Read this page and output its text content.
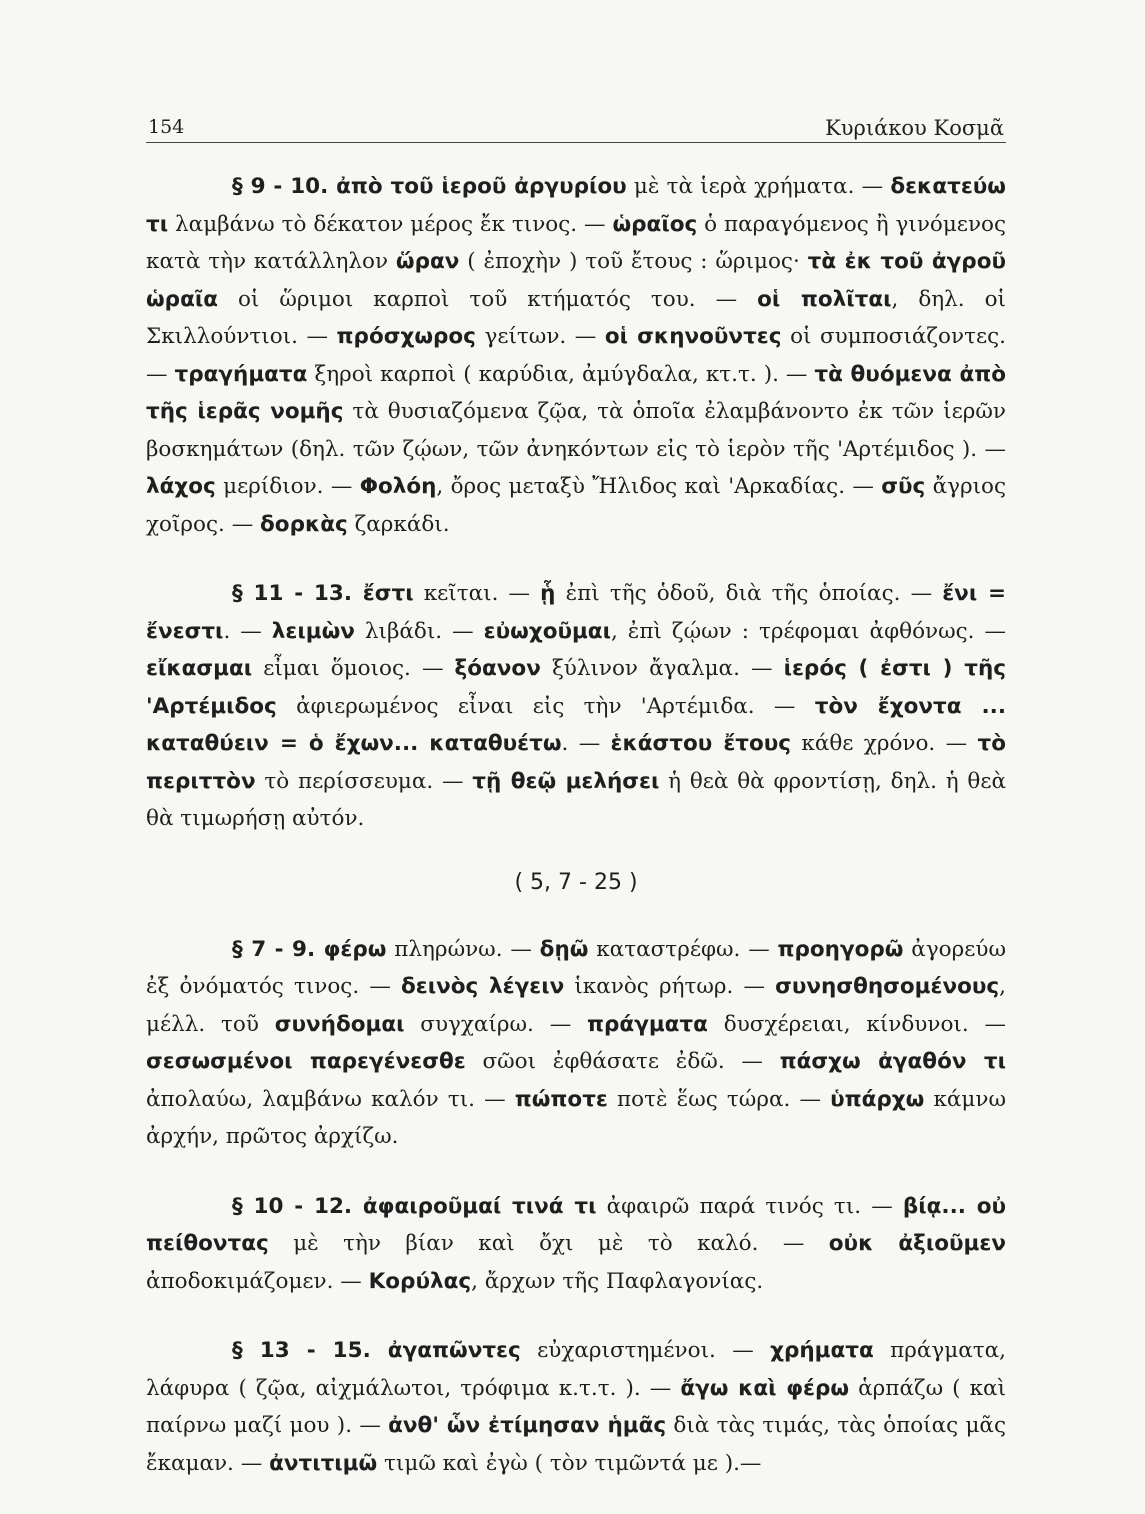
154	Κυριάκου Κοσμᾶ

§ 9 - 10. ἀπὸ τοῦ ἱεροῦ ἀργυρίου μὲ τὰ ἱερὰ χρήματα. — δεκατεύω τι λαμβάνω τὸ δέκατον μέρος ἔκ τινος. — ὡραῖος ὁ παραγόμενος ἢ γινόμενος κατὰ τὴν κατάλληλον ὥραν ( ἐποχὴν ) τοῦ ἔτους : ὥριμος· τὰ ἐκ τοῦ ἀγροῦ ὡραῖα οἱ ὥριμοι καρποὶ τοῦ κτήματός του. — οἱ πολῖται, δηλ. οἱ Σκιλλούντιοι. — πρόσχωρος γείτων. — οἱ σκηνοῦντες οἱ συμποσιάζοντες. — τραγήματα ξηροὶ καρποὶ ( καρύδια, ἀμύγδαλα, κτ.τ. ). — τὰ θυόμενα ἀπὸ τῆς ἱερᾶς νομῆς τὰ θυσιαζόμενα ζῷα, τὰ ὁποῖα ἐλαμβάνοντο ἐκ τῶν ἱερῶν βοσκημάτων (δηλ. τῶν ζῴων, τῶν ἀνηκόντων εἰς τὸ ἱερὸν τῆς 'Αρτέμιδος ). — λάχος μερίδιον. — Φολόη, ὄρος μεταξὺ Ἤλιδος καὶ 'Αρκαδίας. — σῦς ἄγριος χοῖρος. — δορκὰς ζαρκάδι.

§ 11 - 13. ἔστι κεῖται. — ᾗ ἐπὶ τῆς ὁδοῦ, διὰ τῆς ὁποίας. — ἔνι = ἔνεστι. — λειμὼν λιβάδι. — εὐωχοῦμαι, ἐπὶ ζῴων : τρέφομαι ἀφθόνως. — εἴκασμαι εἶμαι ὅμοιος. — ξόανον ξύλινον ἄγαλμα. — ἱερός ( ἐστι ) τῆς 'Αρτέμιδος ἀφιερωμένος εἶναι εἰς τὴν 'Αρτέμιδα. — τὸν ἔχοντα ... καταθύειν = ὁ ἔχων... καταθυέτω. — ἑκάστου ἔτους κάθε χρόνο. — τὸ περιττὸν τὸ περίσσευμα. — τῇ θεῷ μελήσει ἡ θεὰ θὰ φροντίσῃ, δηλ. ἡ θεὰ θὰ τιμωρήσῃ αὐτόν.

( 5, 7 - 25 )

§ 7 - 9. φέρω πληρώνω. — δῃῶ καταστρέφω. — προηγορῶ ἀγορεύω ἐξ ὀνόματός τινος. — δεινὸς λέγειν ἱκανὸς ρήτωρ. — συνησθησομένους, μέλλ. τοῦ συνήδομαι συγχαίρω. — πράγματα δυσχέρειαι, κίνδυνοι. — σεσωσμένοι παρεγένεσθε σῶοι ἐφθάσατε ἐδῶ. — πάσχω ἀγαθόν τι ἀπολαύω, λαμβάνω καλόν τι. — πώποτε ποτὲ ἕως τώρα. — ὑπάρχω κάμνω ἀρχήν, πρῶτος ἀρχίζω.

§ 10 - 12. ἀφαιροῦμαί τινά τι ἀφαιρῶ παρά τινός τι. — βίᾳ... οὐ πείθοντας μὲ τὴν βίαν καὶ ὄχι μὲ τὸ καλό. — οὐκ ἀξιοῦμεν ἀποδοκιμάζομεν. — Κορύλας, ἄρχων τῆς Παφλαγονίας.

§ 13 - 15. ἀγαπῶντες εὐχαριστημένοι. — χρήματα πράγματα, λάφυρα ( ζῷα, αἰχμάλωτοι, τρόφιμα κ.τ.τ. ). — ἄγω καὶ φέρω ἁρπάζω ( καὶ παίρνω μαζί μου ). — ἀνθ' ὧν ἐτίμησαν ἡμᾶς διὰ τὰς τιμάς, τὰς ὁποίας μᾶς ἔκαμαν. — ἀντιτιμῶ τιμῶ καὶ ἐγὼ ( τὸν τιμῶντά με ).—
